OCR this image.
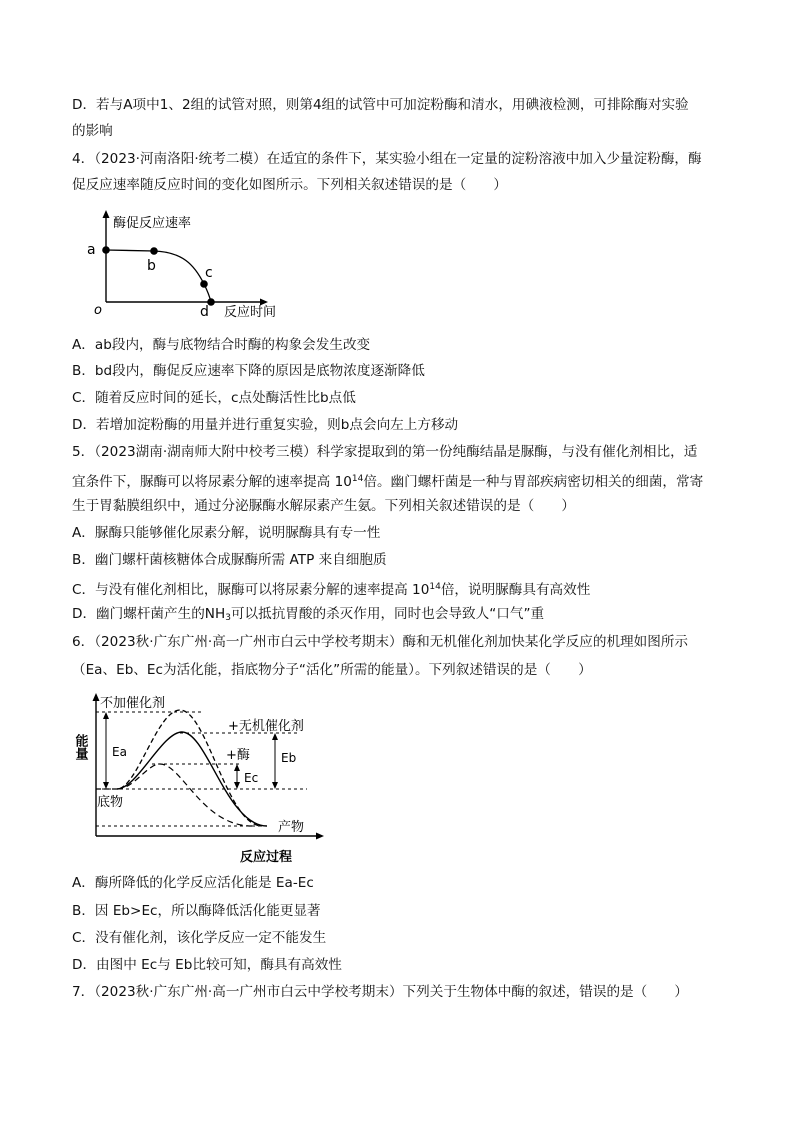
D．若与A项中1、2组的试管对照，则第4组的试管中可加淀粉酶和清水，用碘液检测，可排除酶对实验
的影响
4．（2023·河南洛阳·统考二模）在适宜的条件下，某实验小组在一定量的淀粉溶液中加入少量淀粉酶，酶
促反应速率随反应时间的变化如图所示。下列相关叙述错误的是（　　）
酶促反应速率
a
b	c
d
o	反应时间
A．ab段内，酶与底物结合时酶的构象会发生改变
B．bd段内，酶促反应速率下降的原因是底物浓度逐渐降低
C．随着反应时间的延长，c点处酶活性比b点低
D．若增加淀粉酶的用量并进行重复实验，则b点会向左上方移动
5．（2023湖南·湖南师大附中校考三模）科学家提取到的第一份纯酶结晶是脲酶，与没有催化剂相比，适
宜条件下，脲酶可以将尿素分解的速率提高 $10^{14}$倍。幽门螺杆菌是一种与胃部疾病密切相关的细菌，常寄
生于胃黏膜组织中，通过分泌脲酶水解尿素产生氨。下列相关叙述错误的是（　　）
A．脲酶只能够催化尿素分解，说明脲酶具有专一性
B．幽门螺杆菌核糖体合成脲酶所需 ATP 来自细胞质
C．与没有催化剂相比，脲酶可以将尿素分解的速率提高 $10^{14}$倍，说明脲酶具有高效性
D．幽门螺杆菌产生的$NH_3$可以抵抗胃酸的杀灭作用，同时也会导致人“口气”重
6．（2023秋·广东广州·高一广州市白云中学校考期末）酶和无机催化剂加快某化学反应的机理如图所示
（Ea、Eb、Ec为活化能，指底物分子“活化”所需的能量）。下列叙述错误的是（　　）
能量
不加催化剂
+无机催化剂
+酶
Ea	Eb
Ec
底物
产物
反应过程
A．酶所降低的化学反应活化能是 Ea-Ec
B．因 Eb>Ec，所以酶降低活化能更显著
C．没有催化剂，该化学反应一定不能发生
D．由图中 Ec与 Eb比较可知，酶具有高效性
7．（2023秋·广东广州·高一广州市白云中学校考期末）下列关于生物体中酶的叙述，错误的是（　　）
